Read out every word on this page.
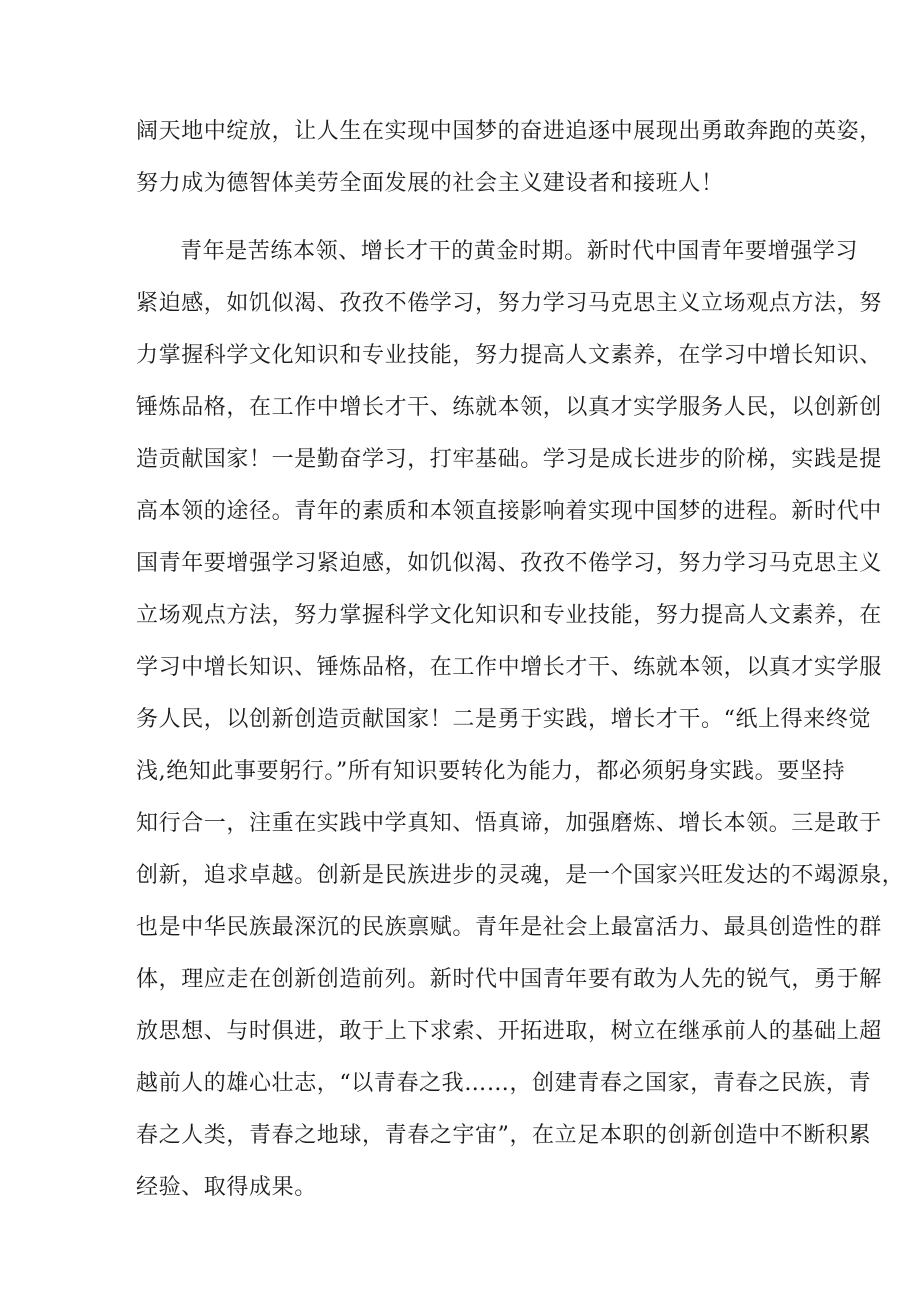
阔天地中绽放，让人生在实现中国梦的奋进追逐中展现出勇敢奔跑的英姿，
努力成为德智体美劳全面发展的社会主义建设者和接班人！
青年是苦练本领、增长才干的黄金时期。新时代中国青年要增强学习
紧迫感，如饥似渴、孜孜不倦学习，努力学习马克思主义立场观点方法，努
力掌握科学文化知识和专业技能，努力提高人文素养，在学习中增长知识、
锤炼品格，在工作中增长才干、练就本领，以真才实学服务人民，以创新创
造贡献国家！一是勤奋学习，打牢基础。学习是成长进步的阶梯，实践是提
高本领的途径。青年的素质和本领直接影响着实现中国梦的进程。新时代中
国青年要增强学习紧迫感，如饥似渴、孜孜不倦学习，努力学习马克思主义
立场观点方法，努力掌握科学文化知识和专业技能，努力提高人文素养，在
学习中增长知识、锤炼品格，在工作中增长才干、练就本领，以真才实学服
务人民，以创新创造贡献国家！二是勇于实践，增长才干。“纸上得来终觉
浅,绝知此事要躬行。”所有知识要转化为能力，都必须躬身实践。要坚持
知行合一，注重在实践中学真知、悟真谛，加强磨炼、增长本领。三是敢于
创新，追求卓越。创新是民族进步的灵魂，是一个国家兴旺发达的不竭源泉，
也是中华民族最深沉的民族禀赋。青年是社会上最富活力、最具创造性的群
体，理应走在创新创造前列。新时代中国青年要有敢为人先的锐气，勇于解
放思想、与时俱进，敢于上下求索、开拓进取，树立在继承前人的基础上超
越前人的雄心壮志，“以青春之我……，创建青春之国家，青春之民族，青
春之人类，青春之地球，青春之宇宙”，在立足本职的创新创造中不断积累
经验、取得成果。
